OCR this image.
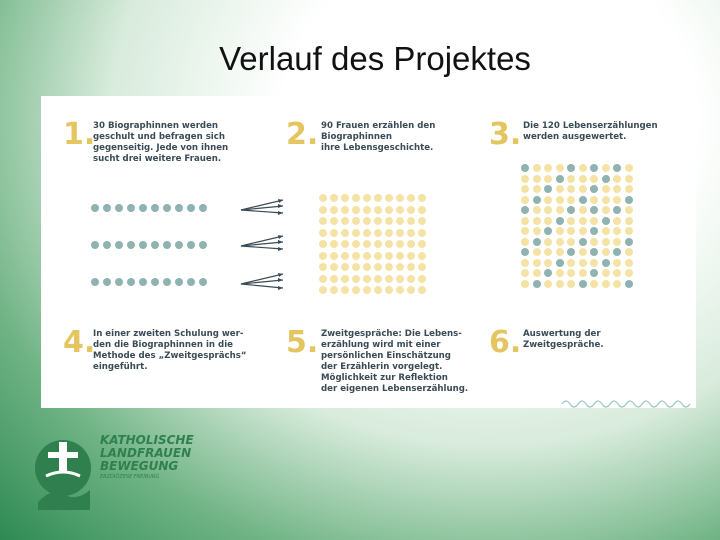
Verlauf des Projektes
1.
30 Biographinnen werden
geschult und befragen sich
gegenseitig. Jede von ihnen
sucht drei weitere Frauen.
2. 90 Frauen erzählen den
Biographinnen
ihre Lebensgeschichte. 3. Die 120 Lebenserzählungen
werden ausgewertet.
4.
In einer zweiten Schulung wer-
den die Biographinnen in die
Methode des „Zweitgesprächs“
eingeführt.
5. Zweitgespräche: Die Lebens-
erzählung wird mit einer
persönlichen Einschätzung
der Erzählerin vorgelegt.
Möglichkeit zur Reflektion
der eigenen Lebenserzählung.
6. Auswertung der
Zweitgespräche.
KATHOLISCHE
LANDFRAUEN
BEWEGUNG
ERZDIÖZESE FREIBURG
